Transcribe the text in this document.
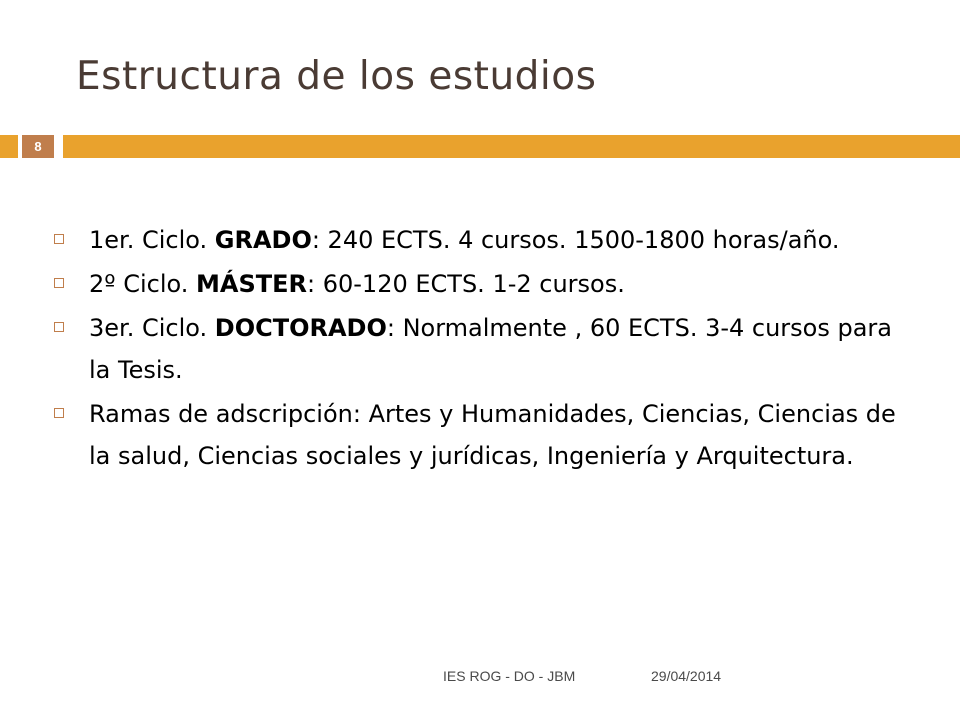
Estructura de los estudios
8
1er. Ciclo. GRADO: 240 ECTS. 4 cursos. 1500-1800 horas/año.
2º Ciclo. MÁSTER: 60-120 ECTS. 1-2 cursos.
3er. Ciclo. DOCTORADO: Normalmente , 60 ECTS. 3-4 cursos para la Tesis.
Ramas de adscripción: Artes y Humanidades, Ciencias, Ciencias de la salud, Ciencias sociales y jurídicas, Ingeniería y Arquitectura.
IES ROG - DO - JBM	29/04/2014
